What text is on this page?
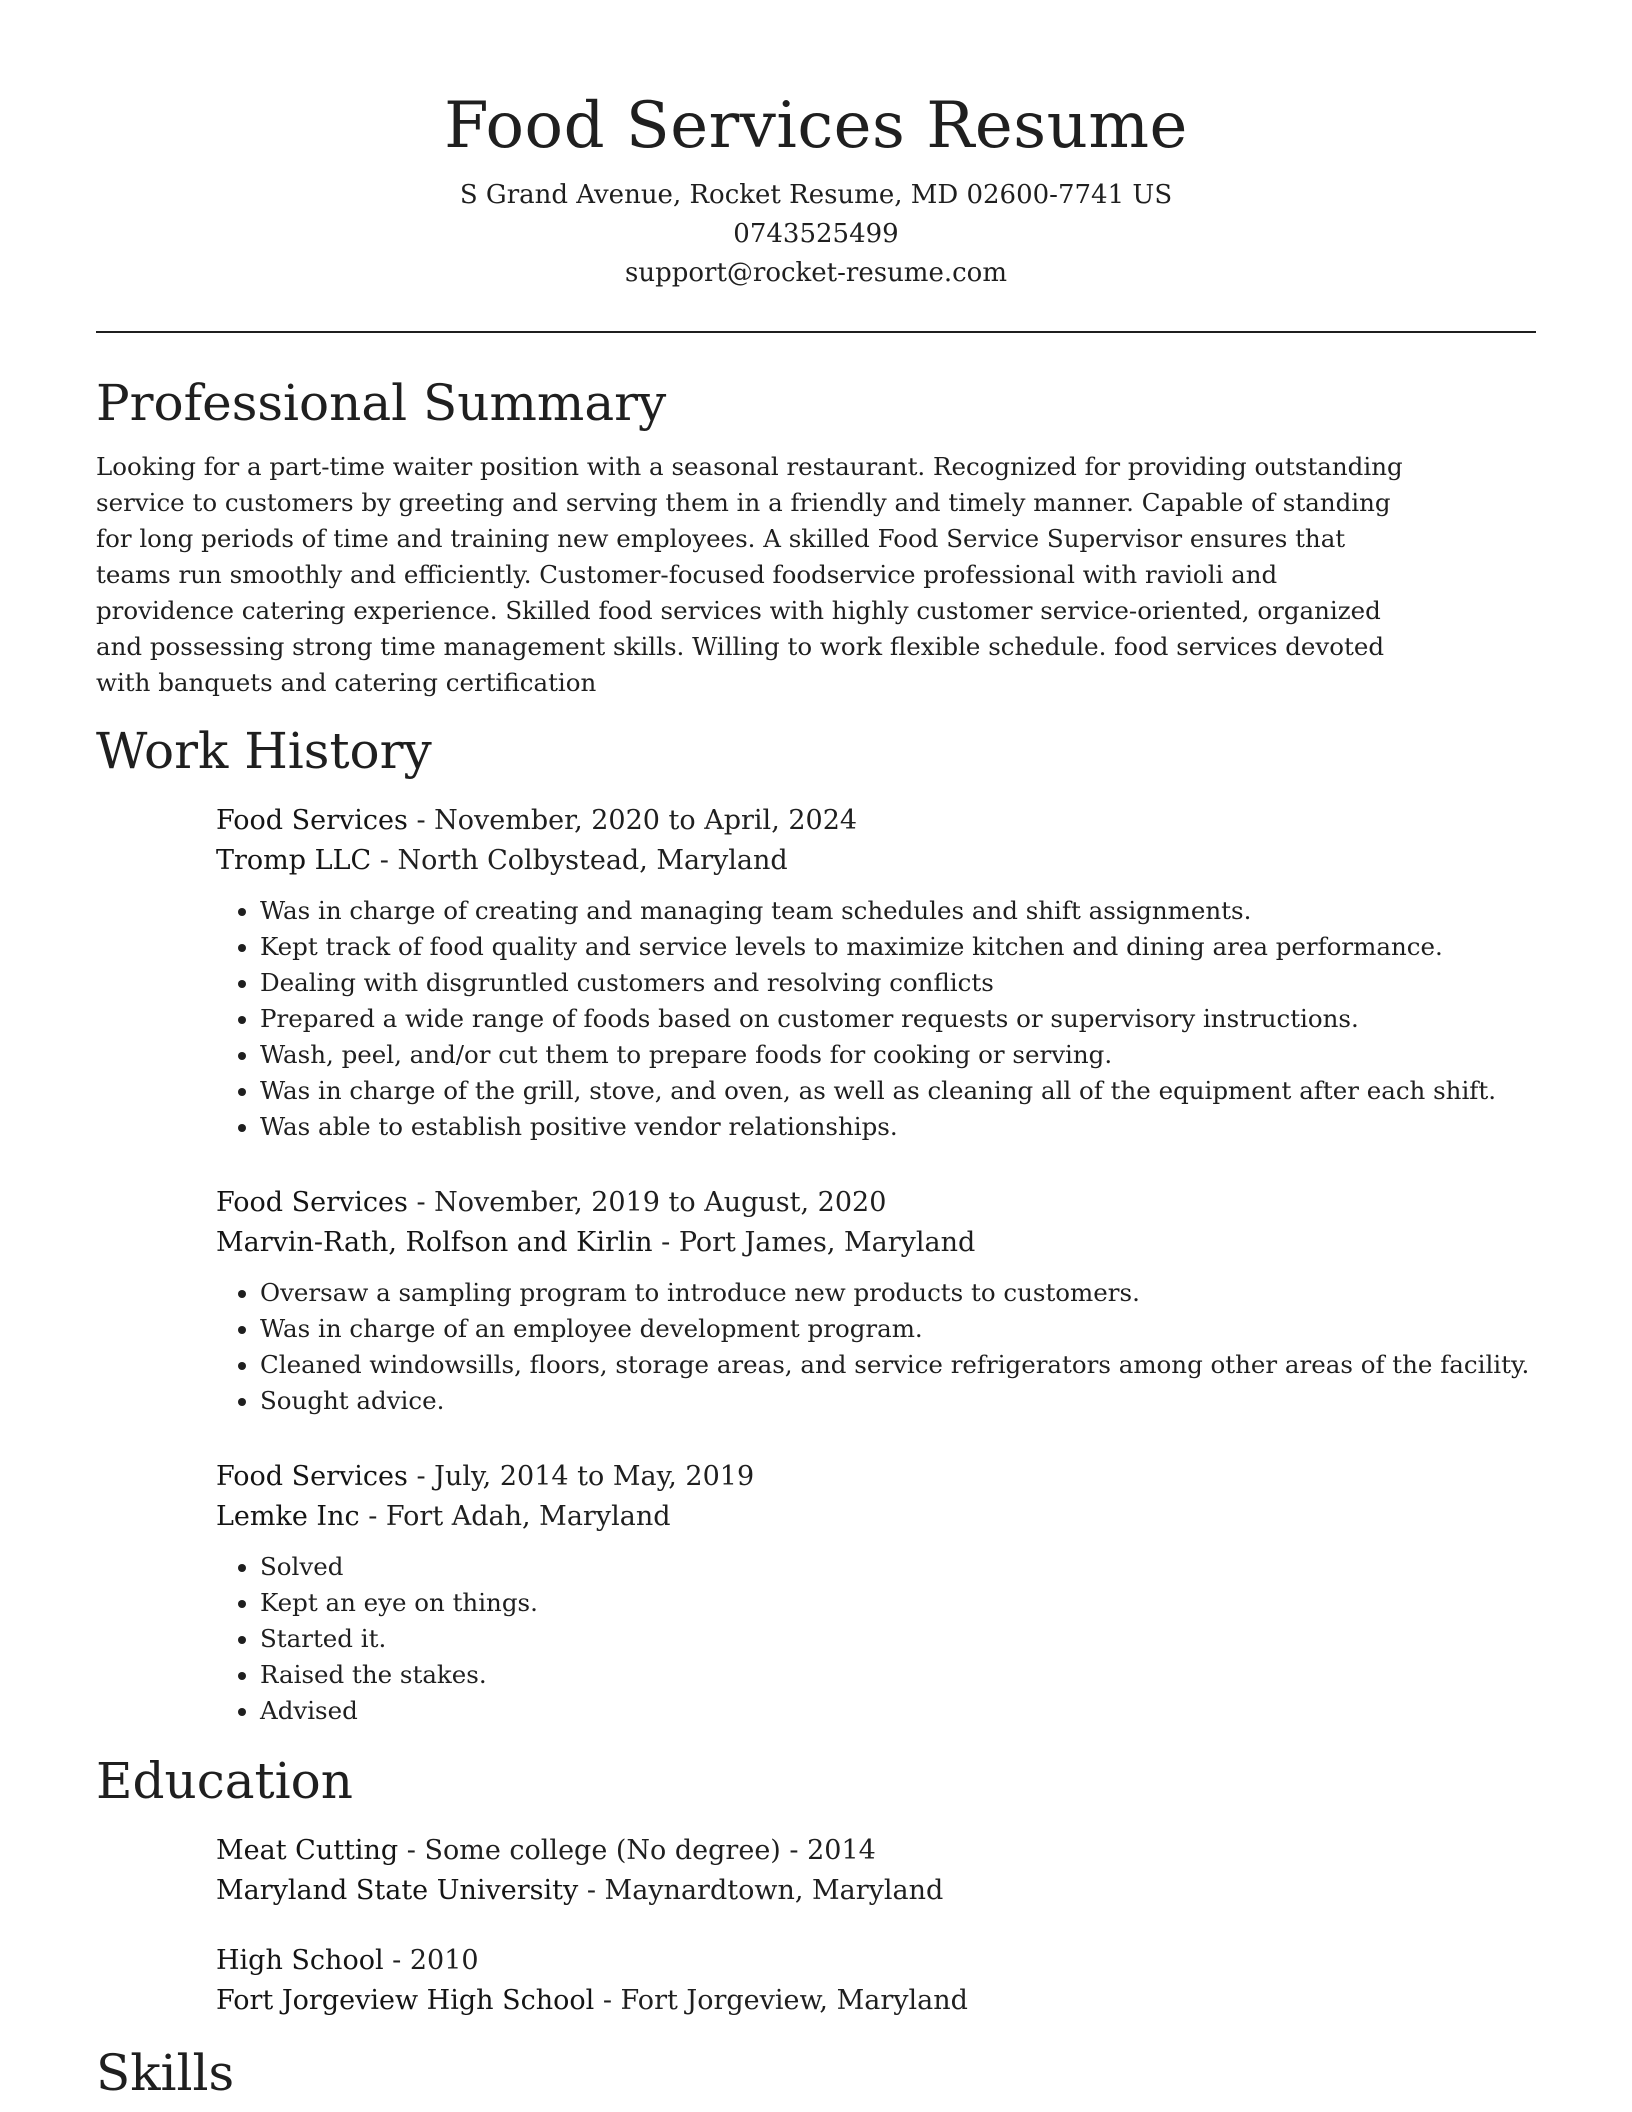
Food Services Resume
S Grand Avenue, Rocket Resume, MD 02600-7741 US
0743525499
support@rocket-resume.com
Professional Summary

Looking for a part-time waiter position with a seasonal restaurant. Recognized for providing outstanding service to customers by greeting and serving them in a friendly and timely manner. Capable of standing for long periods of time and training new employees. A skilled Food Service Supervisor ensures that teams run smoothly and efficiently. Customer-focused foodservice professional with ravioli and providence catering experience. Skilled food services with highly customer service-oriented, organized and possessing strong time management skills. Willing to work flexible schedule. food services devoted with banquets and catering certification

Work History
Food Services - November, 2020 to April, 2024
Tromp LLC - North Colbystead, Maryland
• Was in charge of creating and managing team schedules and shift assignments.
• Kept track of food quality and service levels to maximize kitchen and dining area performance.
• Dealing with disgruntled customers and resolving conflicts
• Prepared a wide range of foods based on customer requests or supervisory instructions.
• Wash, peel, and/or cut them to prepare foods for cooking or serving.
• Was in charge of the grill, stove, and oven, as well as cleaning all of the equipment after each shift.
• Was able to establish positive vendor relationships.
Food Services - November, 2019 to August, 2020
Marvin-Rath, Rolfson and Kirlin - Port James, Maryland
• Oversaw a sampling program to introduce new products to customers.
• Was in charge of an employee development program.
• Cleaned windowsills, floors, storage areas, and service refrigerators among other areas of the facility.
• Sought advice.
Food Services - July, 2014 to May, 2019
Lemke Inc - Fort Adah, Maryland
• Solved
• Kept an eye on things.
• Started it.
• Raised the stakes.
• Advised
Education
Meat Cutting - Some college (No degree) - 2014
Maryland State University - Maynardtown, Maryland
High School - 2010
Fort Jorgeview High School - Fort Jorgeview, Maryland
Skills
